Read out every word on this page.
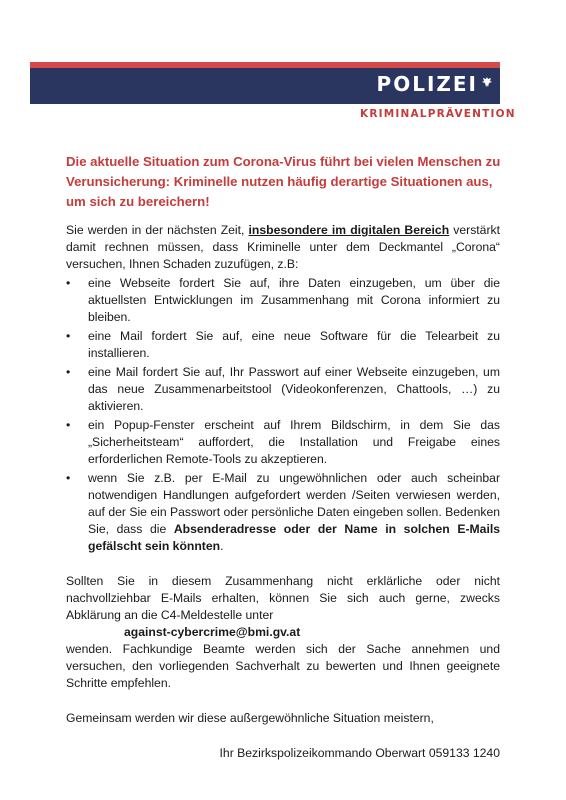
POLIZEI
KRIMINALPRÄVENTION
Die aktuelle Situation zum Corona-Virus führt bei vielen Menschen zu Verunsicherung: Kriminelle nutzen häufig derartige Situationen aus, um sich zu bereichern!

Sie werden in der nächsten Zeit, insbesondere im digitalen Bereich verstärkt damit rechnen müssen, dass Kriminelle unter dem Deckmantel „Corona“ versuchen, Ihnen Schaden zuzufügen, z.B:

• eine Webseite fordert Sie auf, ihre Daten einzugeben, um über die aktuellsten Entwicklungen im Zusammenhang mit Corona informiert zu bleiben.
• eine Mail fordert Sie auf, eine neue Software für die Telearbeit zu installieren.
• eine Mail fordert Sie auf, Ihr Passwort auf einer Webseite einzugeben, um das neue Zusammenarbeitstool (Videokonferenzen, Chattools, …) zu aktivieren.
• ein Popup-Fenster erscheint auf Ihrem Bildschirm, in dem Sie das „Sicherheitsteam“ auffordert, die Installation und Freigabe eines erforderlichen Remote-Tools zu akzeptieren.
• wenn Sie z.B. per E-Mail zu ungewöhnlichen oder auch scheinbar notwendigen Handlungen aufgefordert werden /Seiten verwiesen werden, auf der Sie ein Passwort oder persönliche Daten eingeben sollen. Bedenken Sie, dass die Absenderadresse oder der Name in solchen E-Mails gefälscht sein könnten.

Sollten Sie in diesem Zusammenhang nicht erklärliche oder nicht nachvollziehbar E-Mails erhalten, können Sie sich auch gerne, zwecks Abklärung an die C4-Meldestelle unter

against-cybercrime@bmi.gv.at

wenden. Fachkundige Beamte werden sich der Sache annehmen und versuchen, den vorliegenden Sachverhalt zu bewerten und Ihnen geeignete Schritte empfehlen.

Gemeinsam werden wir diese außergewöhnliche Situation meistern,

Ihr Bezirkspolizeikommando Oberwart 059133 1240
